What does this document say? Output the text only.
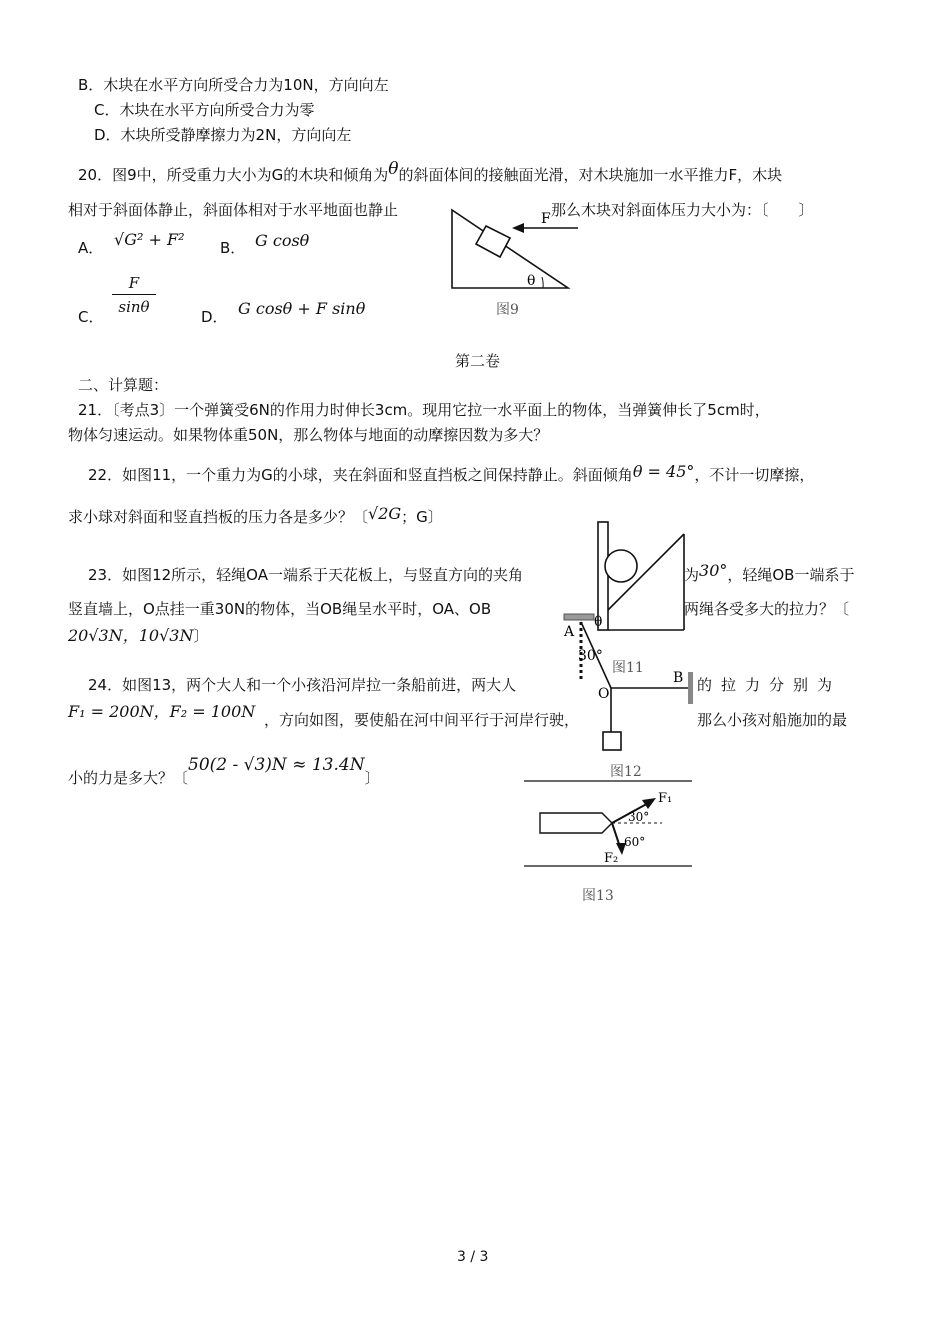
B．木块在水平方向所受合力为10N，方向向左
C．木块在水平方向所受合力为零
D．木块所受静摩擦力为2N，方向向左
20．图9中，所受重力大小为G的木块和倾角为θ的斜面体间的接触面光滑，对木块施加一水平推力F，木块
相对于斜面体静止，斜面体相对于水平地面也静止	那么木块对斜面体压力大小为：〔　　〕
A． √G² + F² B． G cosθ
C． $\frac{F}{\sin\theta}$	D． G cosθ + F sinθ
F
θ
图9
第二卷
二、计算题：
21．〔考点3〕一个弹簧受6N的作用力时伸长3cm。现用它拉一水平面上的物体，当弹簧伸长了5cm时，
物体匀速运动。如果物体重50N，那么物体与地面的动摩擦因数为多大？
22．如图11，一个重力为G的小球，夹在斜面和竖直挡板之间保持静止。斜面倾角θ = 45°，不计一切摩擦，
求小球对斜面和竖直挡板的压力各是多少？〔√2G；G〕
θ
图11
23．如图12所示，轻绳OA一端系于天花板上，与竖直方向的夹角	为30°，轻绳OB一端系于
竖直墙上，O点挂一重30N的物体，当OB绳呈水平时，OA、OB	两绳各受多大的拉力？〔
20√3N，10√3N〕	A
30°
B
O
图12
24．如图13，两个大人和一个小孩沿河岸拉一条船前进，两大人	的拉力分别为
F₁ = 200N，F₂ = 100N ，方向如图，要使船在河中间平行于河岸行驶，	那么小孩对船施加的最
小的力是多大？〔50(2 - √3)N ≈ 13.4N〕
F₁
30°
60°
F₂
图13
3 / 3
